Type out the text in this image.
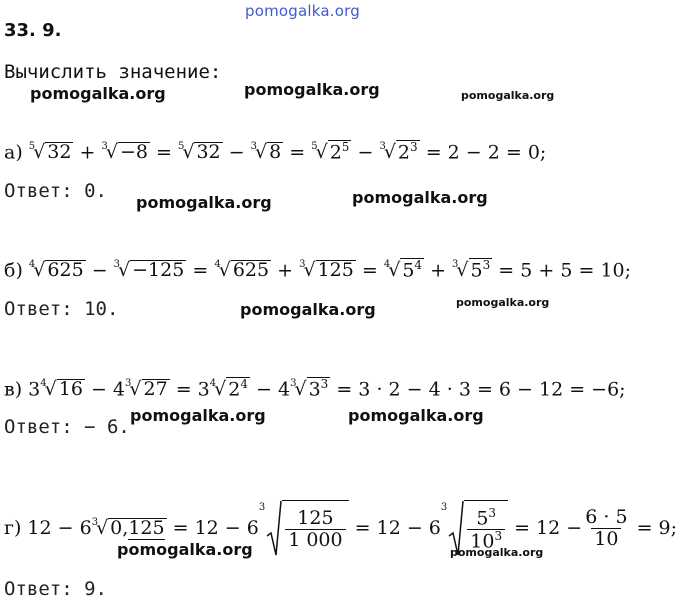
pomogalka.org
33. 9.
Вычислить значение:
pomogalka.org	pomogalka.org	pomogalka.org
а) $^5$√ 32 + $^3$√ −8 = $^5$√ 32 − $^3$√ 8 = $^5$√ $2^5 - ^3√$ $2^3 = 2 - 2 = 0$;
Ответ: 0.
pomogalka.org	pomogalka.org
б) $^4$√ 625 − $^3$√ −125 = $^4$√ 625 + $^3$√ 125 = $^4$√ $5^4 + ^3√$ $5^3 = 5 + 5 = 10$;
pomogalka.org
Ответ: 10.	pomogalka.org
в) $3^4√$ $16 - 4^3√$ $27 = 3^4√$ $2^4 - 4^3√$ $3^3 = 3 \cdot 2 - 4 \cdot 3 = 6 - 12 = -6$;
pomogalka.org	pomogalka.org
Ответ: − 6.
г) 12 − 6 $^3$√ 0,125 = 12 − 6
3
$\frac{125}{1 000} = 12 - 6$
$3 \frac{5^3}{10^3} = 12 - \frac{6 \cdot 5}{10} = 9$;
pomogalka.org	pomogalka.org
Ответ: 9.
